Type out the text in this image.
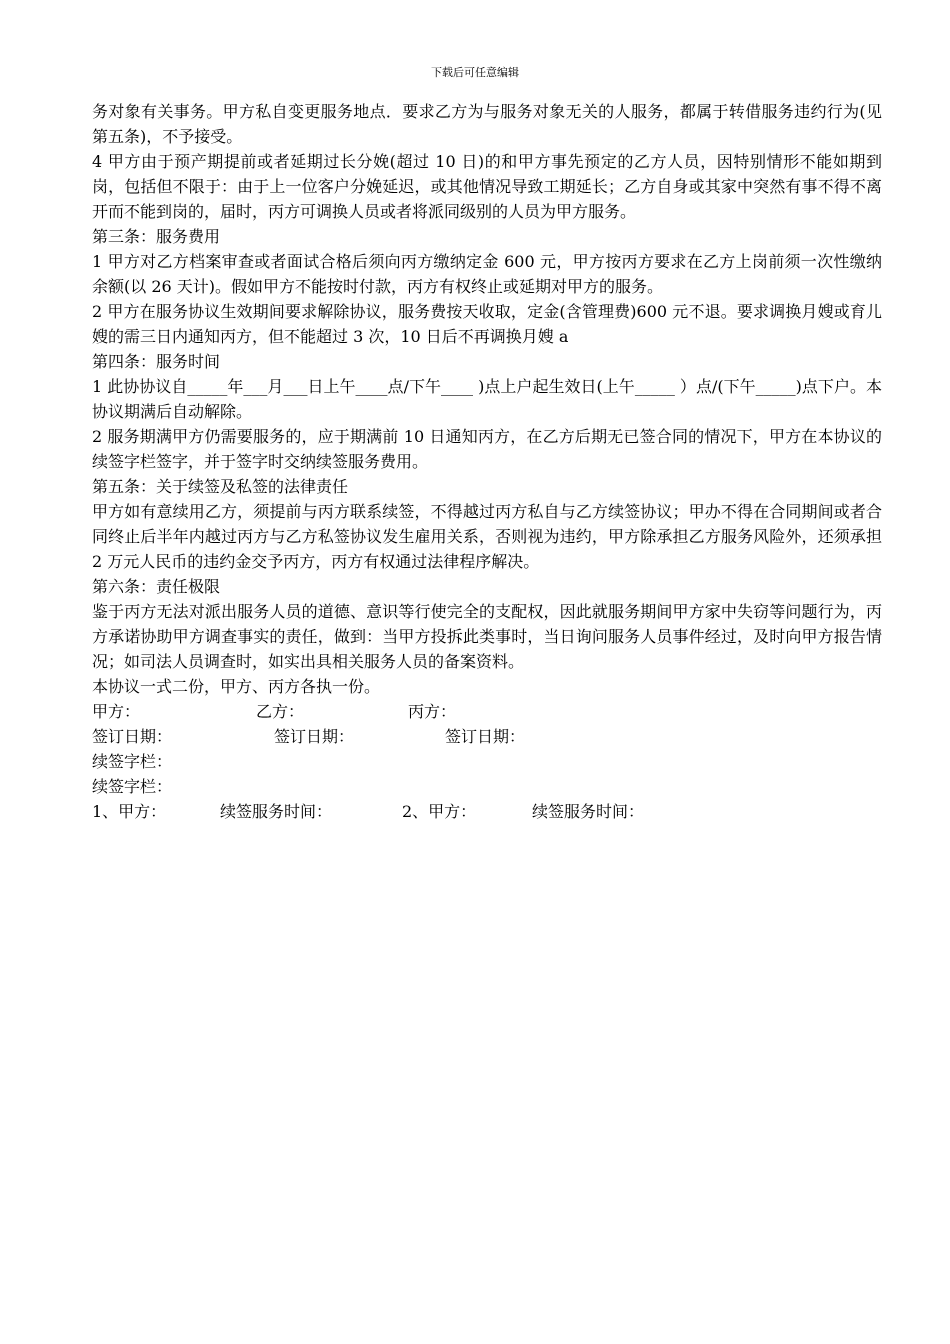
下载后可任意编辑

务对象有关事务。甲方私自变更服务地点．要求乙方为与服务对象无关的人服务，都属于转借服务违约行为(见第五条)，不予接受。

4 甲方由于预产期提前或者延期过长分娩(超过 10 日)的和甲方事先预定的乙方人员，因特别情形不能如期到岗，包括但不限于：由于上一位客户分娩延迟，或其他情况导致工期延长；乙方自身或其家中突然有事不得不离开而不能到岗的，届时，丙方可调换人员或者将派同级别的人员为甲方服务。

第三条：服务费用

1 甲方对乙方档案审查或者面试合格后须向丙方缴纳定金 600 元，甲方按丙方要求在乙方上岗前须一次性缴纳余额(以 26 天计)。假如甲方不能按时付款，丙方有权终止或延期对甲方的服务。

2 甲方在服务协议生效期间要求解除协议，服务费按天收取，定金(含管理费)600 元不退。要求调换月嫂或育儿嫂的需三日内通知丙方，但不能超过 3 次，10 日后不再调换月嫂 a

第四条：服务时间

1 此协协议自_____年___月___日上午____点/下午____ )点上户起生效日(上午_____ ）点/(下午_____)点下户。本协议期满后自动解除。

2 服务期满甲方仍需要服务的，应于期满前 10 日通知丙方，在乙方后期无已签合同的情况下，甲方在本协议的续签字栏签字，并于签字时交纳续签服务费用。

第五条：关于续签及私签的法律责任

甲方如有意续用乙方，须提前与丙方联系续签，不得越过丙方私自与乙方续签协议；甲办不得在合同期间或者合同终止后半年内越过丙方与乙方私签协议发生雇用关系，否则视为违约，甲方除承担乙方服务风险外，还须承担 2 万元人民币的违约金交予丙方，丙方有权通过法律程序解决。

第六条：责任极限

鉴于丙方无法对派出服务人员的道德、意识等行使完全的支配权，因此就服务期间甲方家中失窃等问题行为，丙方承诺协助甲方调查事实的责任，做到：当甲方投拆此类事时，当日询问服务人员事件经过，及时向甲方报告情况；如司法人员调查时，如实出具相关服务人员的备案资料。

本协议一式二份，甲方、丙方各执一份。

甲方：	乙方：	丙方：
签订日期：	签订日期：	签订日期：
续签字栏：
续签字栏：
1、甲方：	续签服务时间：	2、甲方：	续签服务时间：
